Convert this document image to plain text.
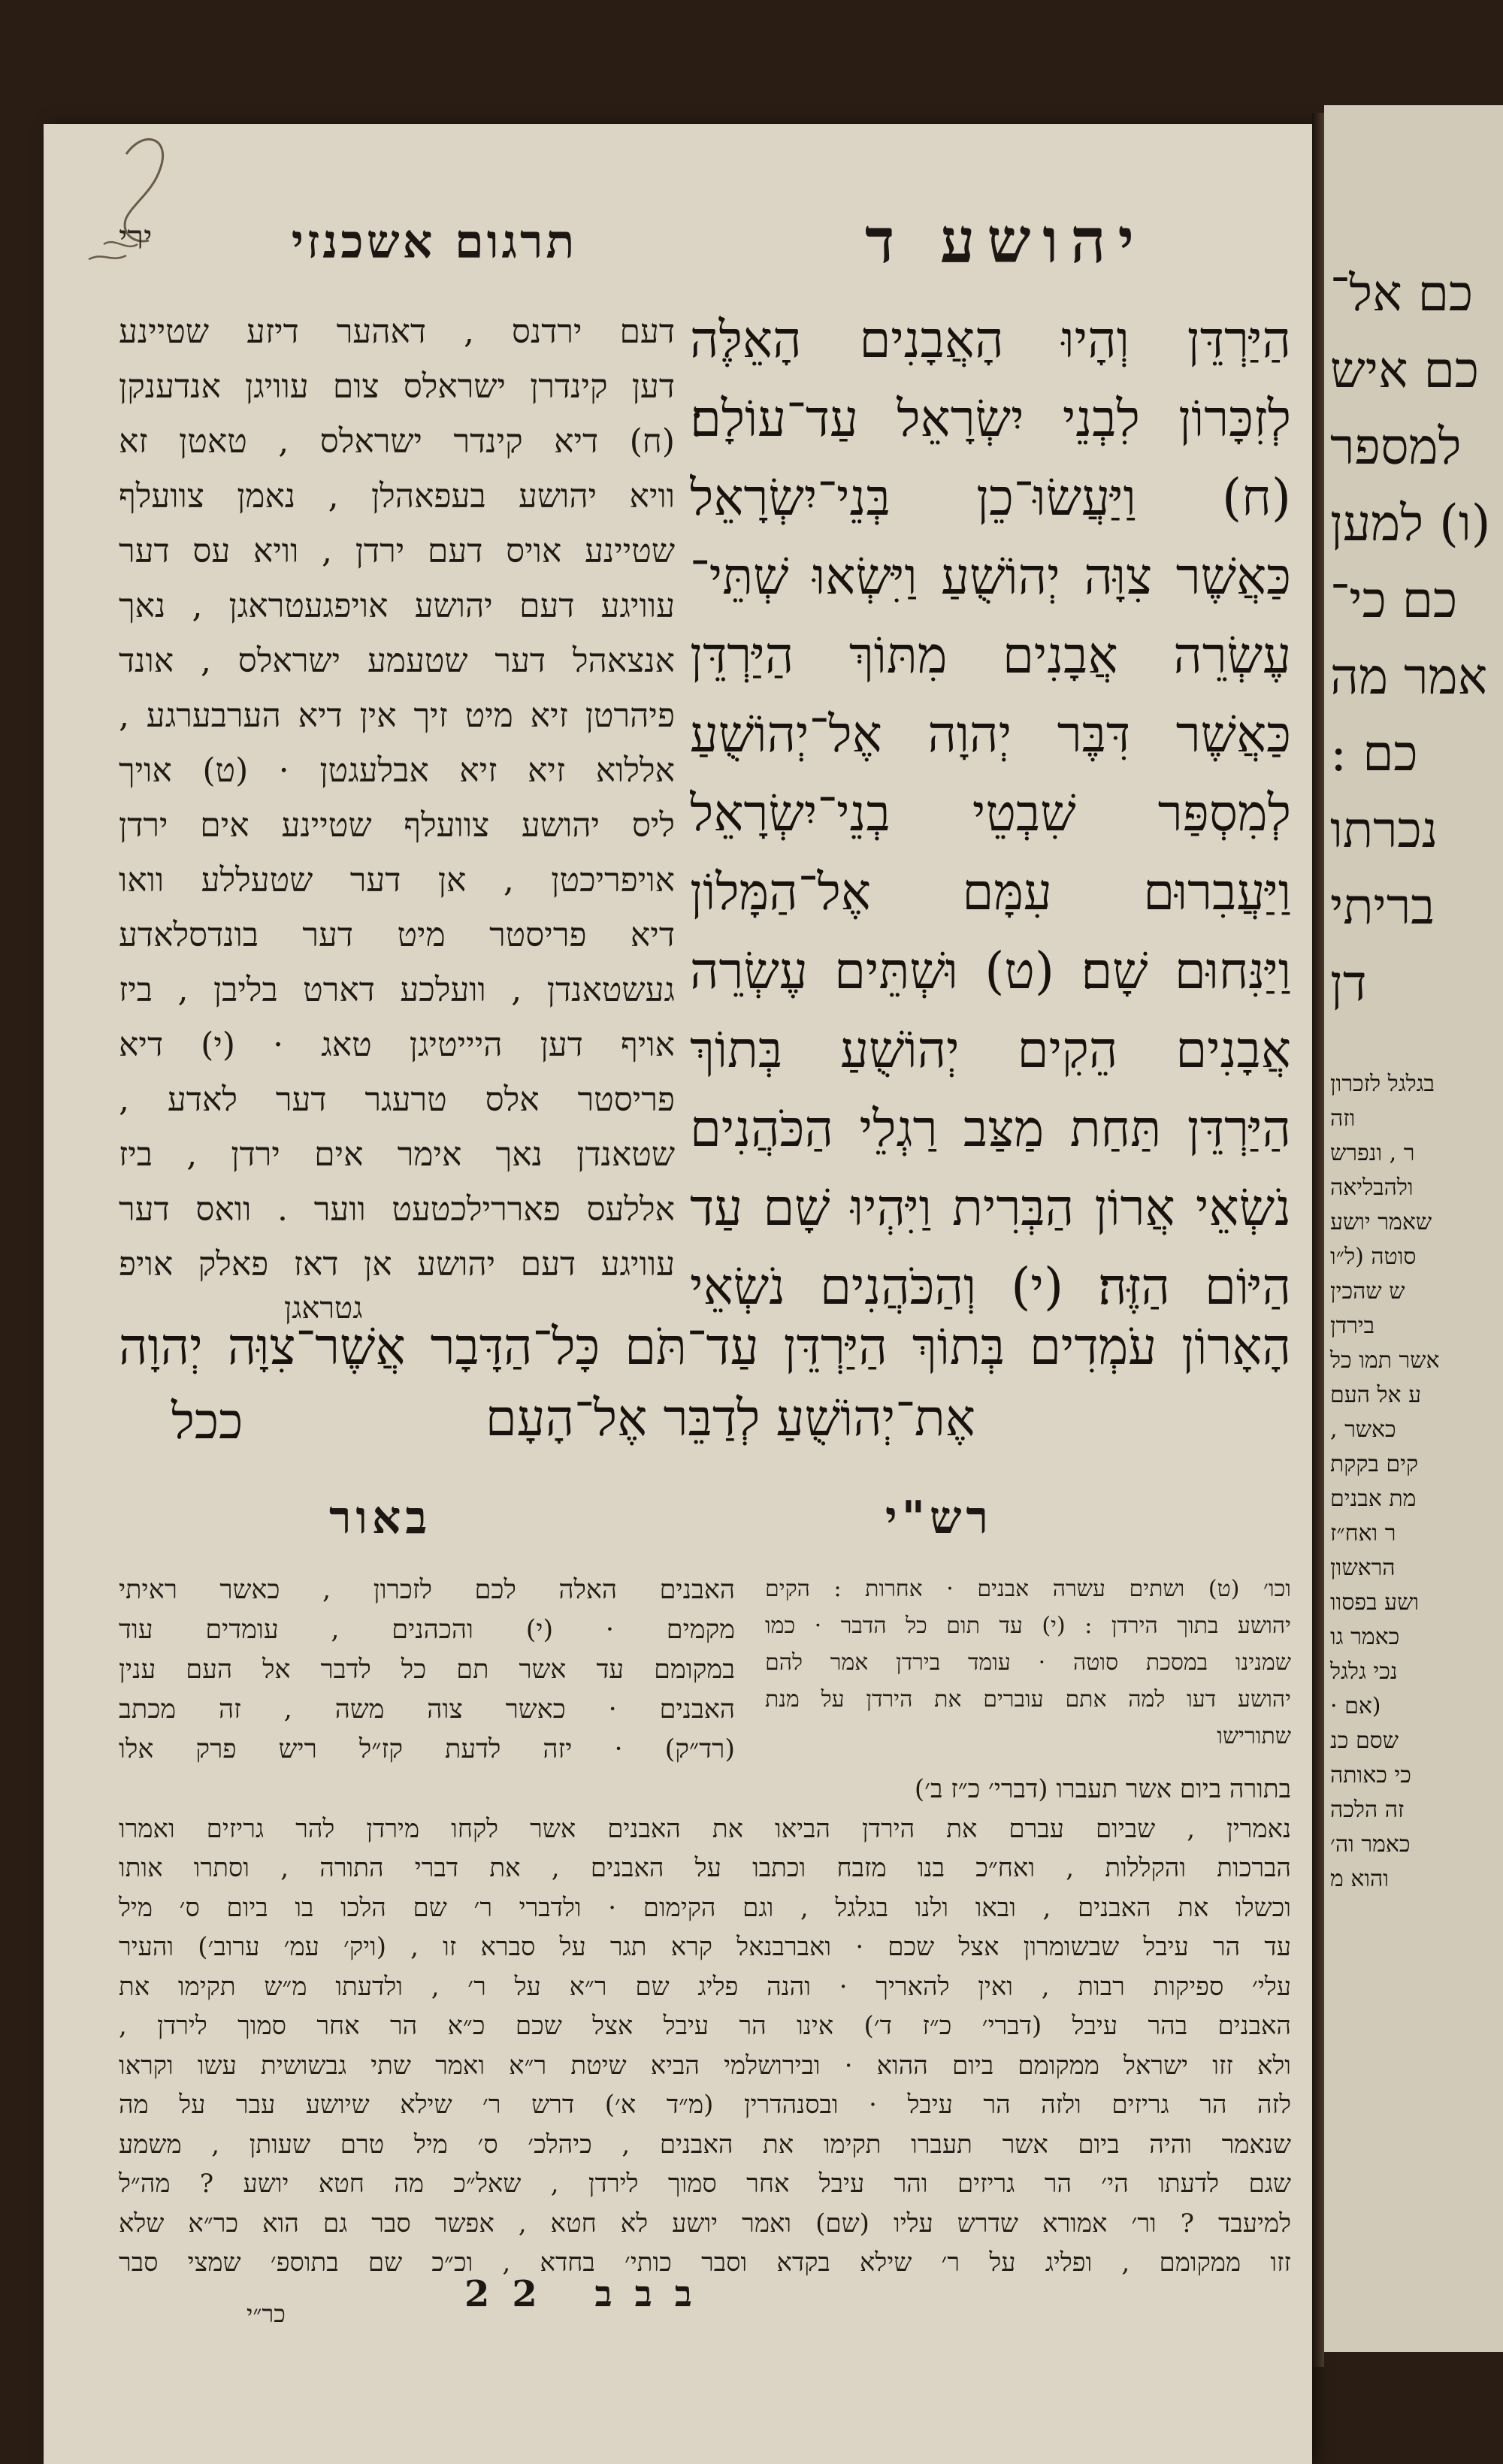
ירי	תרגום אשכנזי	יהושע ד
הַיַּרְדֵּן וְהָיוּ הָאֲבָנִים הָאֵלֶּה
לְזִכָּרוֹן לִבְנֵי יִשְׂרָאֵל עַד־עוֹלָם׃
(ח) וַיַּעֲשׂוּ־כֵן בְּנֵי־יִשְׂרָאֵל
כַּאֲשֶׁר צִוָּה יְהוֹשֻׁעַ וַיִּשְׂאוּ שְׁתֵּי־
עֶשְׂרֵה אֲבָנִים מִתּוֹךְ הַיַּרְדֵּן
כַּאֲשֶׁר דִּבֶּר יְהוָה אֶל־יְהוֹשֻׁעַ
לְמִסְפַּר שִׁבְטֵי בְנֵי־יִשְׂרָאֵל
וַיַּעֲבִרוּם עִמָּם אֶל־הַמָּלוֹן
וַיַּנִּחוּם שָׁם׃ (ט) וּשְׁתֵּים עֶשְׂרֵה
אֲבָנִים הֵקִים יְהוֹשֻׁעַ בְּתוֹךְ
הַיַּרְדֵּן תַּחַת מַצַּב רַגְלֵי הַכֹּהֲנִים
נֹשְׂאֵי אֲרוֹן הַבְּרִית וַיִּהְיוּ שָׁם עַד
הַיּוֹם הַזֶּה׃ (י) וְהַכֹּהֲנִים נֹשְׂאֵי
דעם ירדנס , דאהער דיזע שטיינע
דען קינדרן ישראלס צום עוויגן אנדענקן
(ח) דיא קינדר ישראלס , טאטן זא
וויא יהושע בעפאהלן , נאמן צוועלף
שטיינע אויס דעם ירדן , וויא עס דער
עוויגע דעם יהושע אויפגעטראגן , נאך
אנצאהל דער שטעמע ישראלס , אונד
פיהרטן זיא מיט זיך אין דיא הערבערגע ,
אללוא זיא זיא אבלעגטן · (ט) אויך
ליס יהושע צוועלף שטיינע אים ירדן
אויפריכטן , אן דער שטעללע וואו
דיא פריסטר מיט דער בונדסלאדע
געשטאנדן , וועלכע דארט בליבן , ביז
אויף דען היייטיגן טאג · (י) דיא
פריסטר אלס טרעגר דער לאדע ,
שטאנדן נאך אימר אים ירדן , ביז
אללעס פאררילכטעט ווער . וואס דער
עוויגע דעם יהושע אן דאז פאלק אויפ
גטראגן
הָאָרוֹן עֹמְדִים בְּתוֹךְ הַיַּרְדֵּן עַד־תֹּם כָּל־הַדָּבָר אֲשֶׁר־צִוָּה יְהוָה
אֶת־יְהוֹשֻׁעַ לְדַבֵּר אֶל־הָעָם
ככל
רש"י
באור
וכו׳ (ט) ושתים עשרה אבנים · אחרות : הקים
יהושע בתוך הירדן : (י) עד תום כל הדבר · כמו
שמנינו במסכת סוטה · עומד בירדן אמר להם
יהושע דעו למה אתם עוברים את הירדן על מנת
שתורישו
האבנים האלה לכם לזכרון , כאשר ראיתי
מקמים · (י) והכהנים , עומדים עוד
במקומם עד אשר תם כל לדבר אל העם ענין
האבנים · כאשר צוה משה , זה מכתב
(רד״ק) · יזה לדעת קז״ל ריש פרק אלו
בתורה ביום אשר תעברו (דברי׳ כ״ז ב׳)
נאמרין , שביום עברם את הירדן הביאו את האבנים אשר לקחו מירדן להר גריזים ואמרו
הברכות והקללות , ואח״כ בנו מזבח וכתבו על האבנים , את דברי התורה , וסתרו אותו
וכשלו את האבנים , ובאו ולנו בגלגל , וגם הקימום · ולדברי ר׳ שם הלכו בו ביום ס׳ מיל
עד הר עיבל שבשומרון אצל שכם · ואברבנאל קרא תגר על סברא זו , (ויק׳ עמ׳ ערוב׳) והעיר
עלי׳ ספיקות רבות , ואין להאריך · והנה פליג שם ר״א על ר׳ , ולדעתו מ״ש תקימו את
האבנים בהר עיבל (דברי׳ כ״ז ד׳) אינו הר עיבל אצל שכם כ״א הר אחר סמוך לירדן ,
ולא זזו ישראל ממקומם ביום ההוא · ובירושלמי הביא שיטת ר״א ואמר שתי גבשושית עשו וקראו
לזה הר גריזים ולזה הר עיבל · ובסנהדרין (מ״ד א׳) דרש ר׳ שילא שיושע עבר על מה
שנאמר והיה ביום אשר תעברו תקימו את האבנים , כיהלכ׳ ס׳ מיל טרם שעותן , משמע
שגם לדעתו הי׳ הר גריזים והר עיבל אחר סמוך לירדן , שאל״כ מה חטא יושע ? מה״ל
למיעבד ? ור׳ אמורא שדרש עליו (שם) ואמר יושע לא חטא , אפשר סבר גם הוא כר״א שלא
זזו ממקומם , ופליג על ר׳ שילא בקדא וסבר כותי׳ בחדא , וכ״כ שם בתוספ׳ שמצי סבר
בבב 22
כר״י
כם אל־
כם איש
למספר
(ו) למען
כם כי־
אמר מה
כם :
נכרתו
בריתי
דן
בגלגל לזכרון
וזה
ר , ונפרש
ולהבליאה
שאמר יושע
סוטה (ל״ו
ש שהכין
בירדן
אשר תמו כל
ע אל העם
כאשר ,
קים בקקת
מת אבנים
ר ואח״ז
הראשון
ושע בפסוו
כאמר גו
נכי גלגל
(אם ·
שסם כנ
כי כאותה
זה הלכה
כאמר וה׳
והוא מ
